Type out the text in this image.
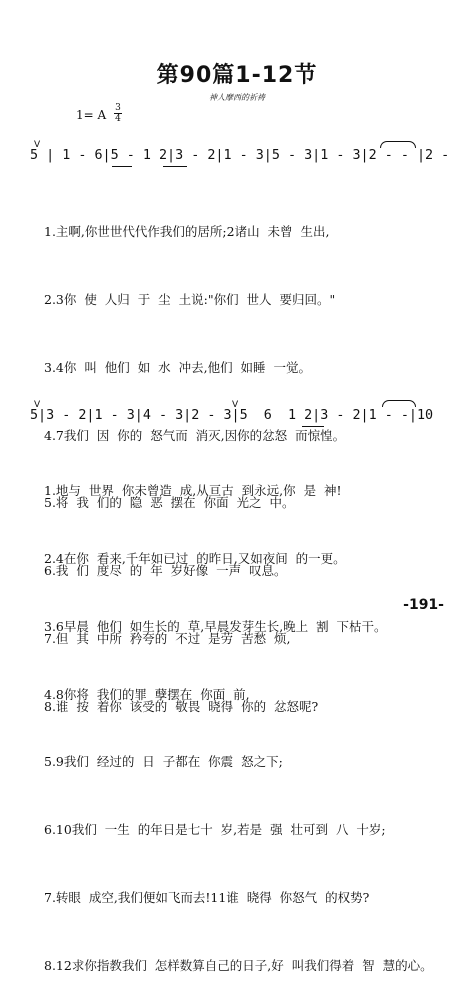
第90篇1-12节
神人摩西的祈祷
1= A 3
4
5 | 1 - 6|5 - 1 2|3 - 2|1 - 3|5 - 3|1 - 3|2 - - |2 -
V

1.主啊,你世世代代作我们的居所;2诸山  未曾  生出,

2.3你  使  人归  于  尘  土说:"你们  世人  要归回。"

3.4你  叫  他们  如  水  冲去,他们  如睡  一觉。

4.7我们  因  你的  怒气而  消灭,因你的忿怒  而惊惶。

5.将  我  们的  隐  恶  摆在  你面  光之  中。

6.我  们  度尽  的  年  岁好像  一声  叹息。

7.但  其  中所  矜夸的  不过  是劳  苦愁  烦,

8.谁  按  着你  该受的  敬畏  晓得  你的  忿怒呢?

5|3 - 2|1 - 3|4 - 3|2 - 3|5  6  1 2|3 - 2|1 - -|10
V	V

1.地与  世界  你未曾造  成,从亘古  到永远,你  是  神!

2.4在你  看来,千年如已过  的昨日,又如夜间  的一更。

3.6早晨  他们  如生长的  草,早晨发芽生长,晚上  割  下枯干。

4.8你将  我们的罪  孽摆在  你面  前,

5.9我们  经过的  日  子都在  你震  怒之下;

6.10我们  一生  的年日是七十  岁,若是  强  壮可到  八  十岁;

7.转眼  成空,我们便如飞而去!11谁  晓得  你怒气  的权势?

8.12求你指教我们  怎样数算自己的日子,好  叫我们得着  智  慧的心。

-191-
